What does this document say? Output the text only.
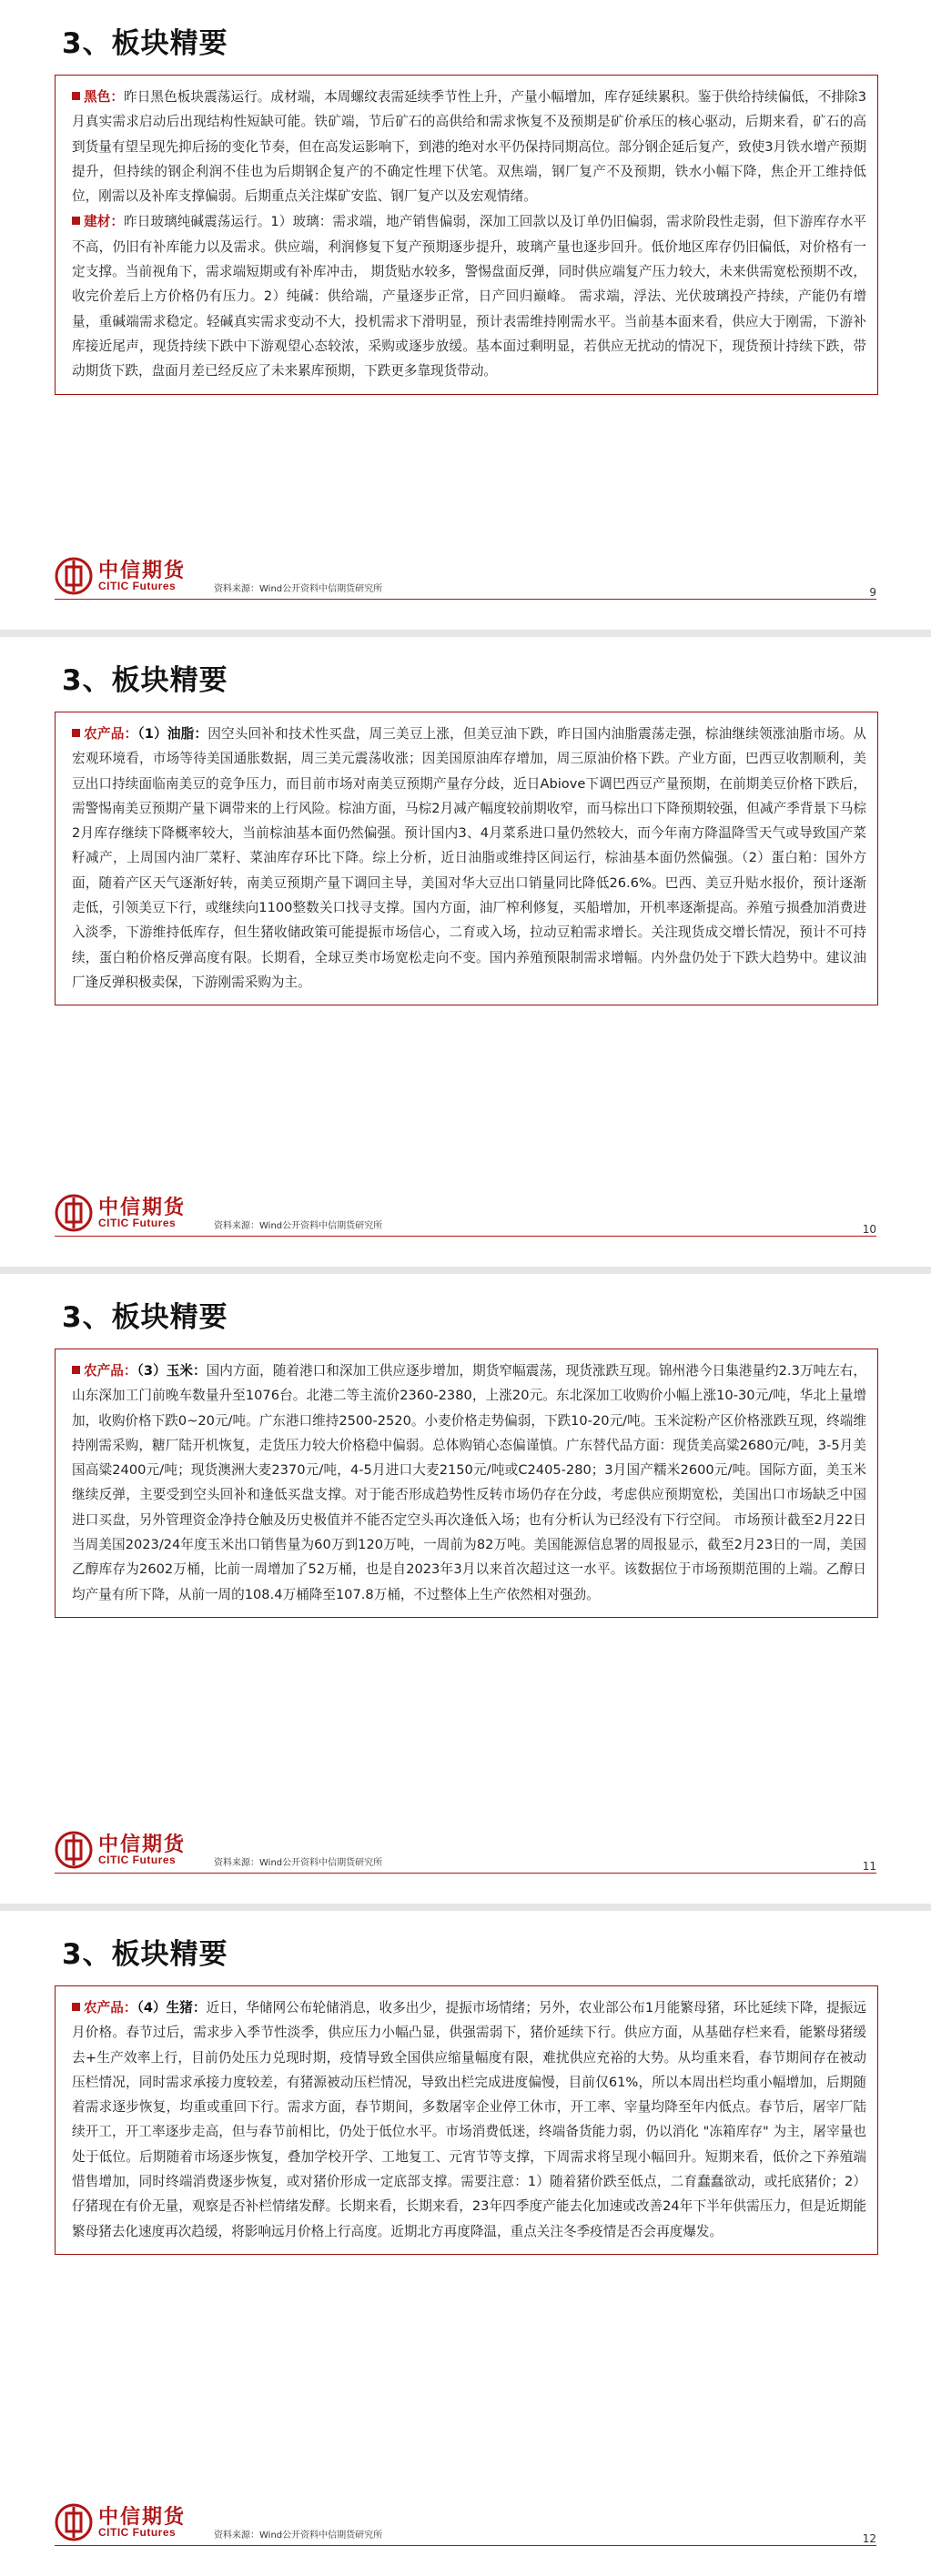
3、板块精要

黑色：昨日黑色板块震荡运行。成材端，本周螺纹表需延续季节性上升，产量小幅增加，库存延续累积。鉴于供给持续偏低，不排除3月真实需求启动后出现结构性短缺可能。铁矿端，节后矿石的高供给和需求恢复不及预期是矿价承压的核心驱动，后期来看，矿石的高到货量有望呈现先抑后扬的变化节奏，但在高发运影响下，到港的绝对水平仍保持同期高位。部分钢企延后复产，致使3月铁水增产预期提升，但持续的钢企利润不佳也为后期钢企复产的不确定性埋下伏笔。双焦端，钢厂复产不及预期，铁水小幅下降，焦企开工维持低位，刚需以及补库支撑偏弱。后期重点关注煤矿安监、钢厂复产以及宏观情绪。

建材：昨日玻璃纯碱震荡运行。1）玻璃：需求端，地产销售偏弱，深加工回款以及订单仍旧偏弱，需求阶段性走弱，但下游库存水平不高，仍旧有补库能力以及需求。供应端，利润修复下复产预期逐步提升，玻璃产量也逐步回升。低价地区库存仍旧偏低，对价格有一定支撑。当前视角下，需求端短期或有补库冲击， 期货贴水较多，警惕盘面反弹，同时供应端复产压力较大，未来供需宽松预期不改，收完价差后上方价格仍有压力。2）纯碱：供给端，产量逐步正常，日产回归巅峰。 需求端，浮法、光伏玻璃投产持续，产能仍有增量，重碱端需求稳定。轻碱真实需求变动不大，投机需求下滑明显，预计表需维持刚需水平。当前基本面来看，供应大于刚需，下游补库接近尾声，现货持续下跌中下游观望心态较浓，采购或逐步放缓。基本面过剩明显，若供应无扰动的情况下，现货预计持续下跌，带动期货下跌，盘面月差已经反应了未来累库预期，下跌更多靠现货带动。

中信期货
CITIC Futures	资料来源：Wind公开资料中信期货研究所	9
3、板块精要

农产品：（1）油脂：因空头回补和技术性买盘，周三美豆上涨，但美豆油下跌，昨日国内油脂震荡走强，棕油继续领涨油脂市场。从宏观环境看，市场等待美国通胀数据，周三美元震荡收涨；因美国原油库存增加，周三原油价格下跌。产业方面，巴西豆收割顺利，美豆出口持续面临南美豆的竞争压力，而目前市场对南美豆预期产量存分歧，近日Abiove下调巴西豆产量预期，在前期美豆价格下跌后，需警惕南美豆预期产量下调带来的上行风险。棕油方面，马棕2月减产幅度较前期收窄，而马棕出口下降预期较强，但减产季背景下马棕2月库存继续下降概率较大，当前棕油基本面仍然偏强。预计国内3、4月菜系进口量仍然较大，而今年南方降温降雪天气或导致国产菜籽减产，上周国内油厂菜籽、菜油库存环比下降。综上分析，近日油脂或维持区间运行，棕油基本面仍然偏强。（2）蛋白粕：国外方面，随着产区天气逐渐好转，南美豆预期产量下调回主导，美国对华大豆出口销量同比降低26.6%。巴西、美豆升贴水报价，预计逐渐走低，引领美豆下行，或继续向1100整数关口找寻支撑。国内方面，油厂榨利修复，买船增加，开机率逐渐提高。养殖亏损叠加消费进入淡季，下游维持低库存，但生猪收储政策可能提振市场信心，二育或入场，拉动豆粕需求增长。关注现货成交增长情况，预计不可持续，蛋白粕价格反弹高度有限。长期看，全球豆类市场宽松走向不变。国内养殖预限制需求增幅。内外盘仍处于下跌大趋势中。建议油厂逢反弹积极卖保，下游刚需采购为主。

中信期货
CITIC Futures	资料来源：Wind公开资料中信期货研究所	10
3、板块精要

农产品：（3）玉米：国内方面，随着港口和深加工供应逐步增加，期货窄幅震荡，现货涨跌互现。锦州港今日集港量约2.3万吨左右，山东深加工门前晚车数量升至1076台。北港二等主流价2360-2380，上涨20元。东北深加工收购价小幅上涨10-30元/吨，华北上量增加，收购价格下跌0~20元/吨。广东港口维持2500-2520。小麦价格走势偏弱，下跌10-20元/吨。玉米淀粉产区价格涨跌互现，终端维持刚需采购，糖厂陆开机恢复，走货压力较大价格稳中偏弱。总体购销心态偏谨慎。广东替代品方面：现货美高粱2680元/吨，3-5月美国高粱2400元/吨；现货澳洲大麦2370元/吨，4-5月进口大麦2150元/吨或C2405-280；3月国产糯米2600元/吨。国际方面，美玉米继续反弹，主要受到空头回补和逢低买盘支撑。对于能否形成趋势性反转市场仍存在分歧，考虑供应预期宽松，美国出口市场缺乏中国进口买盘，另外管理资金净持仓触及历史极值并不能否定空头再次逢低入场；也有分析认为已经没有下行空间。 市场预计截至2月22日当周美国2023/24年度玉米出口销售量为60万到120万吨，一周前为82万吨。美国能源信息署的周报显示，截至2月23日的一周，美国乙醇库存为2602万桶，比前一周增加了52万桶，也是自2023年3月以来首次超过这一水平。该数据位于市场预期范围的上端。乙醇日均产量有所下降，从前一周的108.4万桶降至107.8万桶，不过整体上生产依然相对强劲。

中信期货
CITIC Futures	资料来源：Wind公开资料中信期货研究所	11
3、板块精要

农产品：（4）生猪：近日，华储网公布轮储消息，收多出少，提振市场情绪；另外，农业部公布1月能繁母猪，环比延续下降，提振远月价格。春节过后，需求步入季节性淡季，供应压力小幅凸显，供强需弱下，猪价延续下行。供应方面，从基础存栏来看，能繁母猪缓去+生产效率上行，目前仍处压力兑现时期，疫情导致全国供应缩量幅度有限，难扰供应充裕的大势。从均重来看，春节期间存在被动压栏情况，同时需求承接力度较差，有猪源被动压栏情况，导致出栏完成进度偏慢，目前仅61%，所以本周出栏均重小幅增加，后期随着需求逐步恢复，均重或重回下行。需求方面，春节期间，多数屠宰企业停工休市，开工率、宰量均降至年内低点。春节后，屠宰厂陆续开工，开工率逐步走高，但与春节前相比，仍处于低位水平。市场消费低迷，终端备货能力弱，仍以消化 "冻箱库存" 为主，屠宰量也处于低位。后期随着市场逐步恢复，叠加学校开学、工地复工、元宵节等支撑，下周需求将呈现小幅回升。短期来看，低价之下养殖端惜售增加，同时终端消费逐步恢复，或对猪价形成一定底部支撑。需要注意：1）随着猪价跌至低点，二育蠢蠢欲动，或托底猪价；2）仔猪现在有价无量，观察是否补栏情绪发酵。长期来看，长期来看，23年四季度产能去化加速或改善24年下半年供需压力，但是近期能繁母猪去化速度再次趋缓，将影响远月价格上行高度。近期北方再度降温，重点关注冬季疫情是否会再度爆发。

中信期货
CITIC Futures	资料来源：Wind公开资料中信期货研究所	12
